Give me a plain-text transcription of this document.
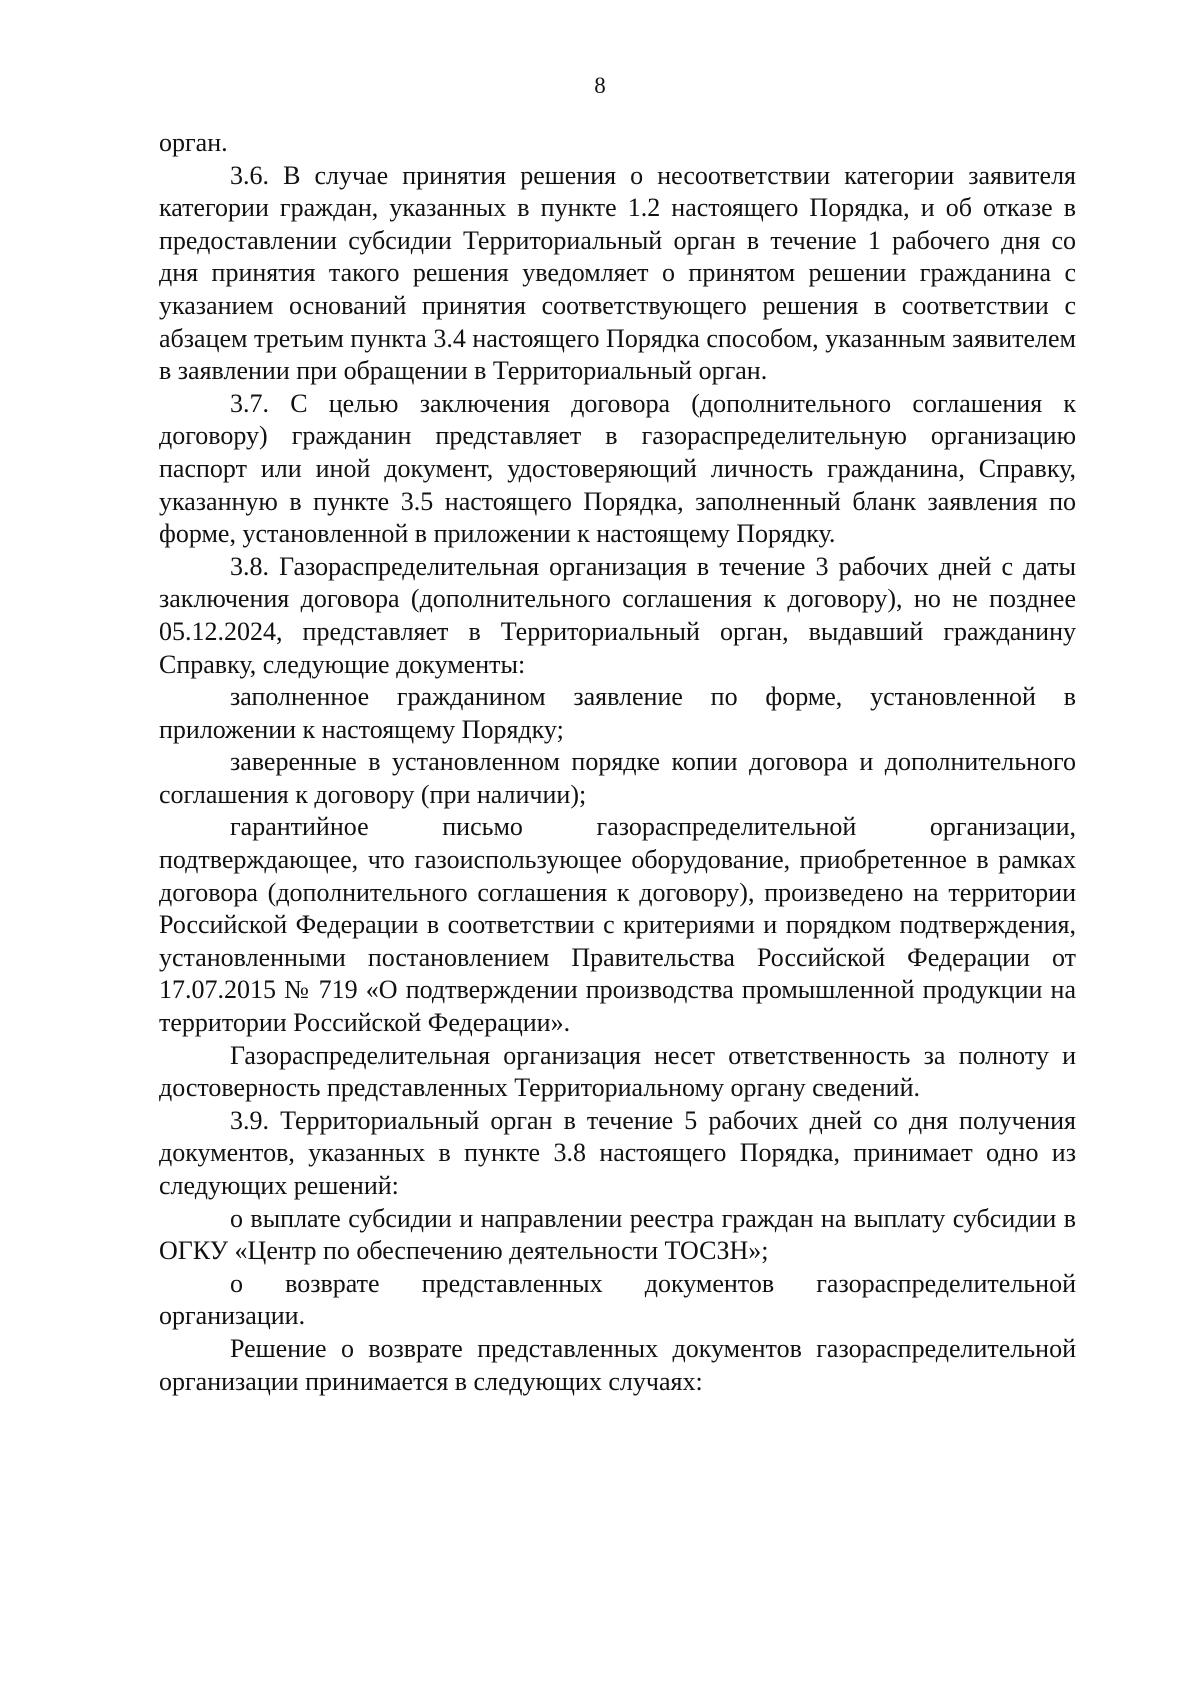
8

орган.

3.6. В случае принятия решения о несоответствии категории заявителя категории граждан, указанных в пункте 1.2 настоящего Порядка, и об отказе в предоставлении субсидии Территориальный орган в течение 1 рабочего дня со дня принятия такого решения уведомляет о принятом решении гражданина с указанием оснований принятия соответствующего решения в соответствии с абзацем третьим пункта 3.4 настоящего Порядка способом, указанным заявителем в заявлении при обращении в Территориальный орган.

3.7. С целью заключения договора (дополнительного соглашения к договору) гражданин представляет в газораспределительную организацию паспорт или иной документ, удостоверяющий личность гражданина, Справку, указанную в пункте 3.5 настоящего Порядка, заполненный бланк заявления по форме, установленной в приложении к настоящему Порядку.

3.8. Газораспределительная организация в течение 3 рабочих дней с даты заключения договора (дополнительного соглашения к договору), но не позднее 05.12.2024, представляет в Территориальный орган, выдавший гражданину Справку, следующие документы:

заполненное гражданином заявление по форме, установленной в приложении к настоящему Порядку;

заверенные в установленном порядке копии договора и дополнительного соглашения к договору (при наличии);

гарантийное письмо газораспределительной организации, подтверждающее, что газоиспользующее оборудование, приобретенное в рамках договора (дополнительного соглашения к договору), произведено на территории Российской Федерации в соответствии с критериями и порядком подтверждения, установленными постановлением Правительства Российской Федерации от 17.07.2015 № 719 «О подтверждении производства промышленной продукции на территории Российской Федерации».

Газораспределительная организация несет ответственность за полноту и достоверность представленных Территориальному органу сведений.

3.9. Территориальный орган в течение 5 рабочих дней со дня получения документов, указанных в пункте 3.8 настоящего Порядка, принимает одно из следующих решений:

о выплате субсидии и направлении реестра граждан на выплату субсидии в ОГКУ «Центр по обеспечению деятельности ТОСЗН»;

о возврате представленных документов газораспределительной организации.

Решение о возврате представленных документов газораспределительной организации принимается в следующих случаях:
